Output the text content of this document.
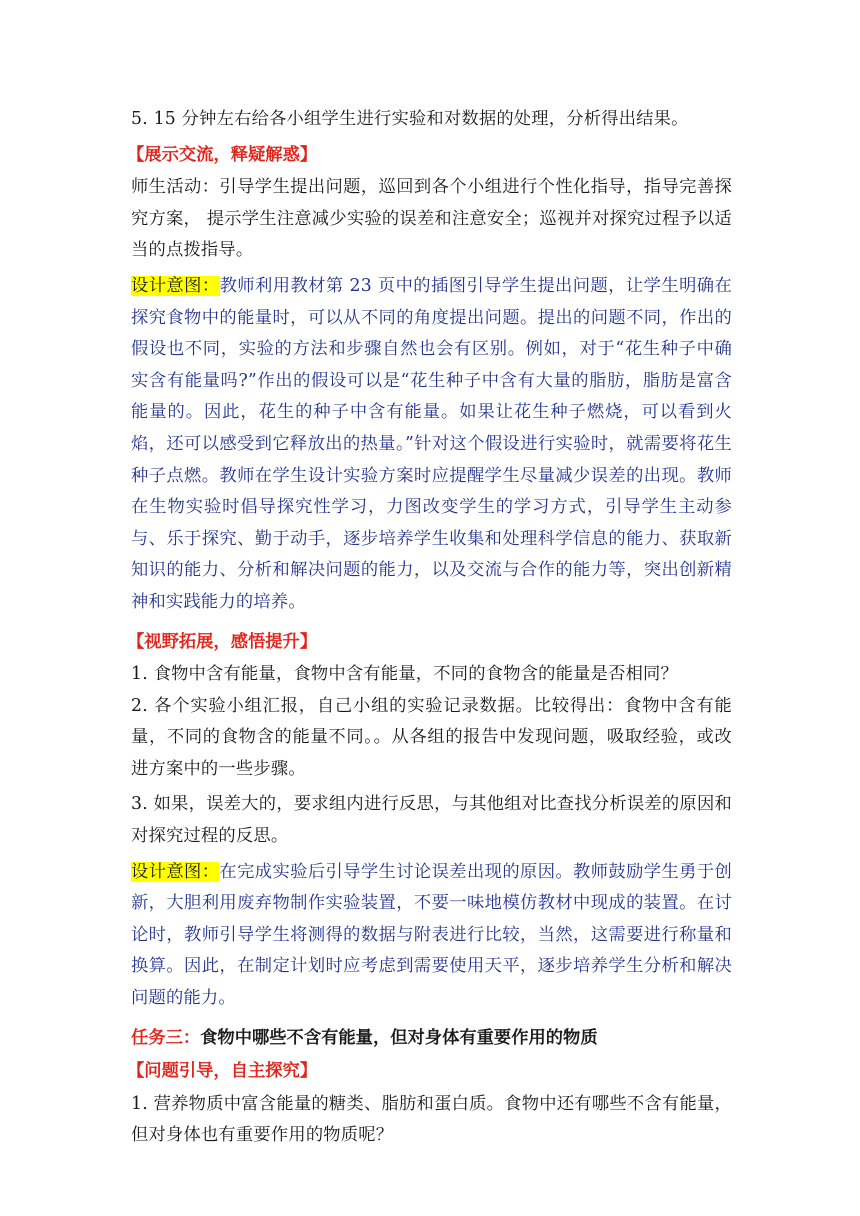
5. 15 分钟左右给各小组学生进行实验和对数据的处理，分析得出结果。

【展示交流，释疑解惑】

师生活动：引导学生提出问题，巡回到各个小组进行个性化指导，指导完善探究方案， 提示学生注意减少实验的误差和注意安全；巡视并对探究过程予以适当的点拨指导。

设计意图：教师利用教材第 23 页中的插图引导学生提出问题，让学生明确在探究食物中的能量时，可以从不同的角度提出问题。提出的问题不同，作出的假设也不同，实验的方法和步骤自然也会有区别。例如，对于“花生种子中确实含有能量吗?”作出的假设可以是“花生种子中含有大量的脂肪，脂肪是富含能量的。因此，花生的种子中含有能量。如果让花生种子燃烧，可以看到火焰，还可以感受到它释放出的热量。”针对这个假设进行实验时，就需要将花生种子点燃。教师在学生设计实验方案时应提醒学生尽量减少误差的出现。教师在生物实验时倡导探究性学习，力图改变学生的学习方式，引导学生主动参与、乐于探究、勤于动手，逐步培养学生收集和处理科学信息的能力、获取新知识的能力、分析和解决问题的能力，以及交流与合作的能力等，突出创新精神和实践能力的培养。

【视野拓展，感悟提升】

1. 食物中含有能量，食物中含有能量，不同的食物含的能量是否相同？

2. 各个实验小组汇报，自己小组的实验记录数据。比较得出：食物中含有能量，不同的食物含的能量不同。。从各组的报告中发现问题，吸取经验，或改进方案中的一些步骤。

3. 如果，误差大的，要求组内进行反思，与其他组对比查找分析误差的原因和对探究过程的反思。

设计意图：在完成实验后引导学生讨论误差出现的原因。教师鼓励学生勇于创新，大胆利用废弃物制作实验装置，不要一味地模仿教材中现成的装置。在讨论时，教师引导学生将测得的数据与附表进行比较，当然，这需要进行称量和换算。因此，在制定计划时应考虑到需要使用天平，逐步培养学生分析和解决问题的能力。

任务三：食物中哪些不含有能量，但对身体有重要作用的物质

【问题引导，自主探究】

1. 营养物质中富含能量的糖类、脂肪和蛋白质。食物中还有哪些不含有能量，但对身体也有重要作用的物质呢？
